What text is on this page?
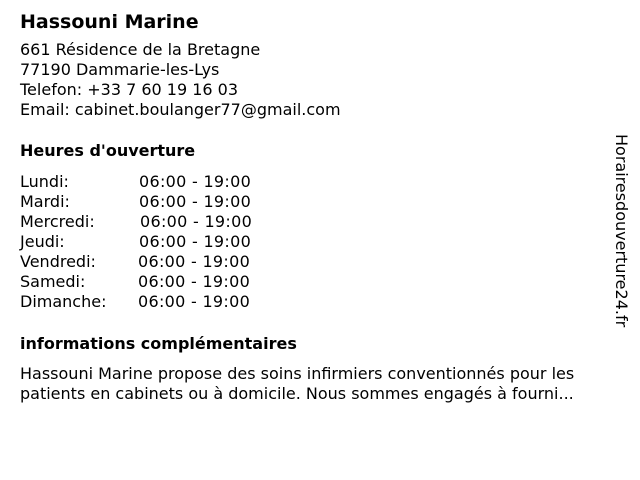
Hassouni Marine
661 Résidence de la Bretagne
77190 Dammarie-les-Lys
Telefon: +33 7 60 19 16 03
Email: cabinet.boulanger77@gmail.com
Heures d'ouverture
Lundi:	06:00 - 19:00
Mardi:	06:00 - 19:00
Mercredi:	06:00 - 19:00
Jeudi:	06:00 - 19:00
Vendredi:	06:00 - 19:00
Samedi:	06:00 - 19:00
Dimanche: 06:00 - 19:00
informations complémentaires
Hassouni Marine propose des soins infirmiers conventionnés pour les
patients en cabinets ou à domicile. Nous sommes engagés à fourni...
Horairesdouverture24.fr
